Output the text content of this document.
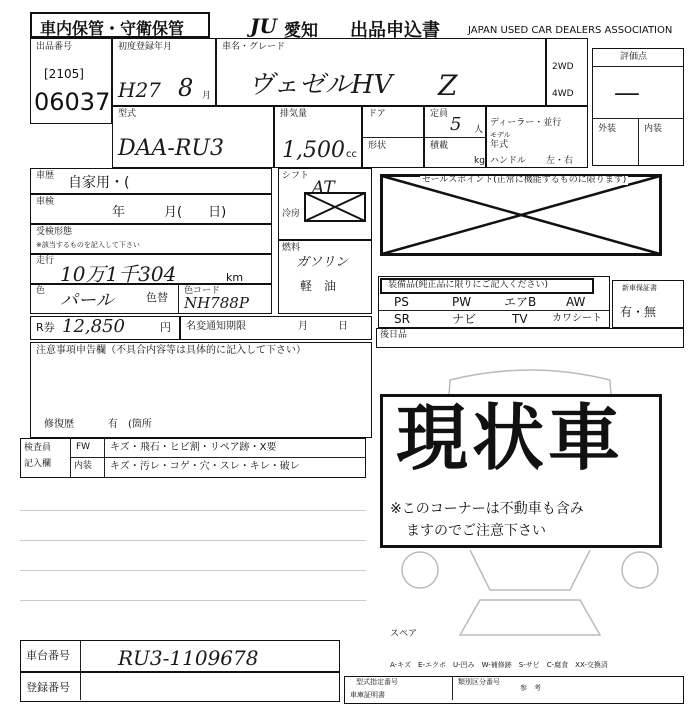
車内保管・守衛保管	JU 愛知 出品申込書	JAPAN USED CAR DEALERS ASSOCIATION
出品番号
[2105]
06037
初度登録年月
H27 8 月
車名・グレード
ヴェゼルHV Z
2WD
4WD
評価点
—
外装	内装
型式
DAA-RU3
排気量
1,500 cc
ドア
形状
定員 5 人
積載
kg
ディーラー・並行
モデル
年式
ハンドル 左・右
車歴 自家用・(
車検
年　　　月(　　日)
受検形態
※該当するものを記入して下さい
走行
10万1千304	km
色 パール	色替 色コード
NH788P
シフト
AT
冷房
燃料
ガソリン
軽　油
セールスポイント(正常に機能するものに限ります)
装備品(純正品に限りにご記入ください)
PS	PW	エアB AW
SR	ナビ	TV カワシート
新車保証書
有・無
R券 12,850	円 名変通知期限	月　　　日
後日品
注意事項申告欄（不具合内容等は具体的に記入して下さい）
修復歴	有　(箇所
検査員
記入欄
FW
内装
キズ・飛石・ヒビ割・リペア跡・X要
キズ・汚レ・コゲ・穴・スレ・キレ・破レ
スペア
現状車
※このコーナーは不動車も含み
ますのでご注意下さい
車台番号 RU3-1109678
登録番号
A-キズ　E-エクボ　U-凹み　W-補修跡　S-サビ　C-腐食　XX-交換済
型式指定番号	類別区分番号
参　考
車庫証明書
